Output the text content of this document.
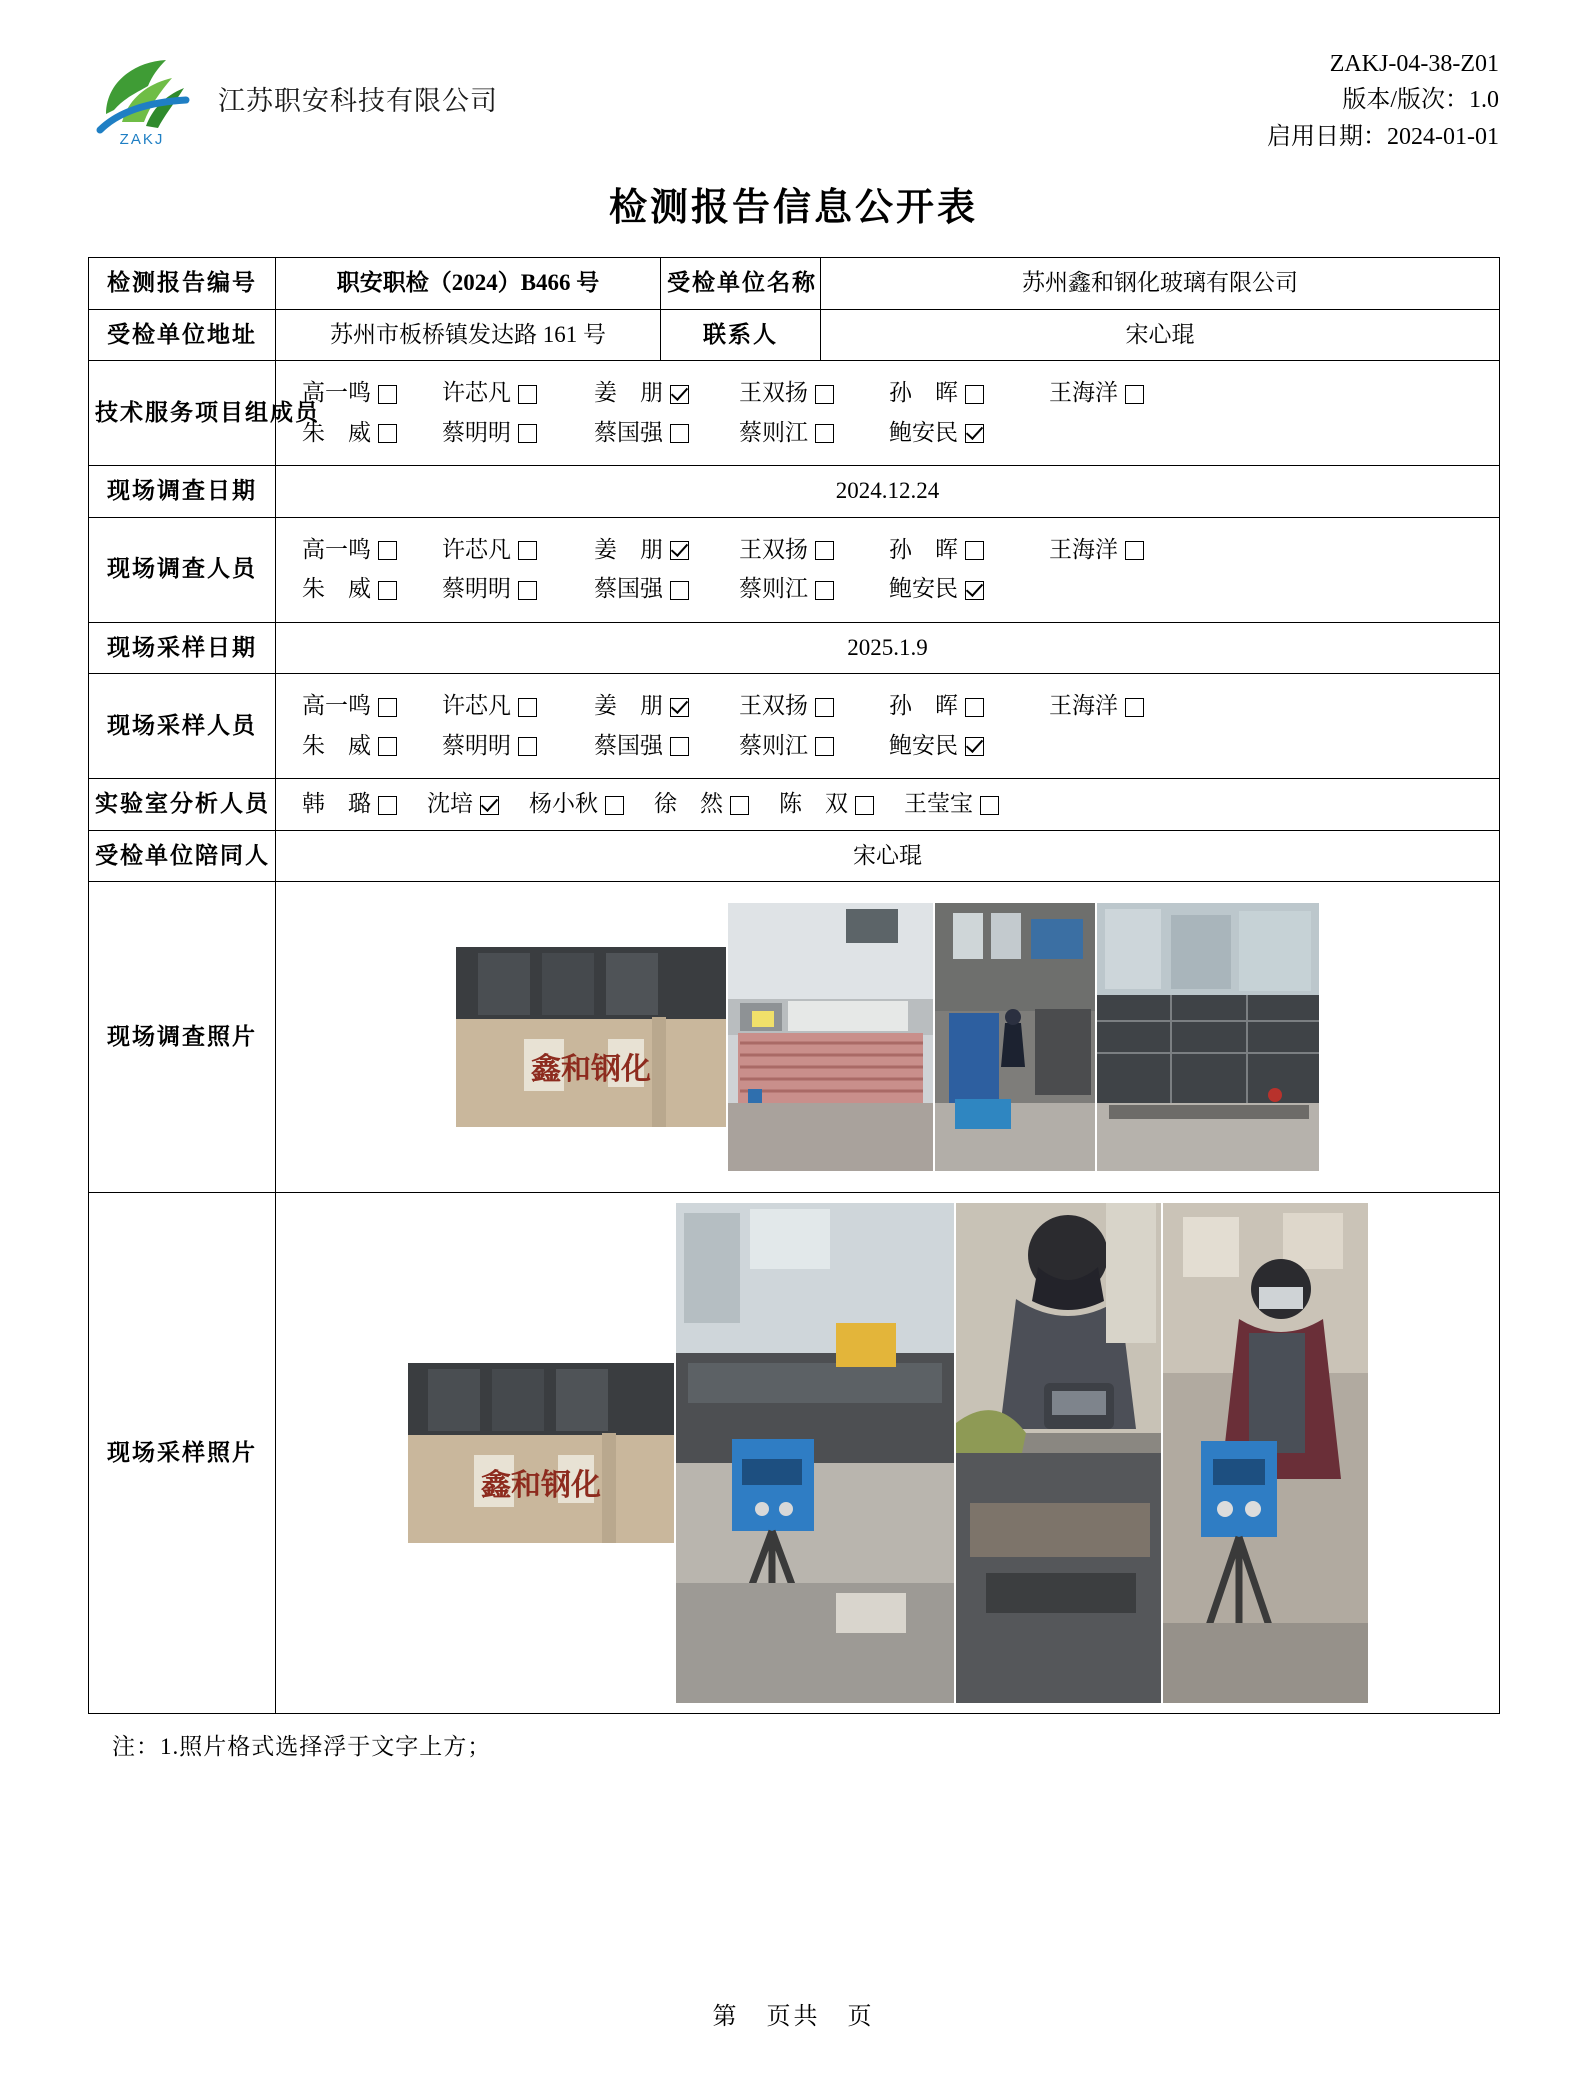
ZAKJ
江苏职安科技有限公司
ZAKJ-04-38-Z01
版本/版次：1.0
启用日期：2024-01-01
检测报告信息公开表
检测报告编号	职安职检（2024）B466 号	受检单位名称	苏州鑫和钢化玻璃有限公司
受检单位地址	苏州市板桥镇发达路 161 号	联系人	宋心琨
技术服务项目组成员	
高一鸣	许芯凡	姜　朋	王双扬	孙　晖	王海洋
朱　威	蔡明明	蔡国强	蔡则江	鲍安民

现场调查日期	2024.12.24		
现场调查人员	
高一鸣	许芯凡	姜　朋	王双扬	孙　晖	王海洋
朱　威	蔡明明	蔡国强	蔡则江	鲍安民

现场采样日期	2025.1.9		
现场采样人员	
高一鸣	许芯凡	姜　朋	王双扬	孙　晖	王海洋
朱　威	蔡明明	蔡国强	蔡则江	鲍安民

实验室分析人员	韩　璐 沈培 杨小秋 徐　然 陈　双 王莹宝

受检单位陪同人	宋心琨		
现场调查照片	鑫和钢化		

现场采样照片	鑫和钢化		
注：1.照片格式选择浮于文字上方；
第　页共　页
